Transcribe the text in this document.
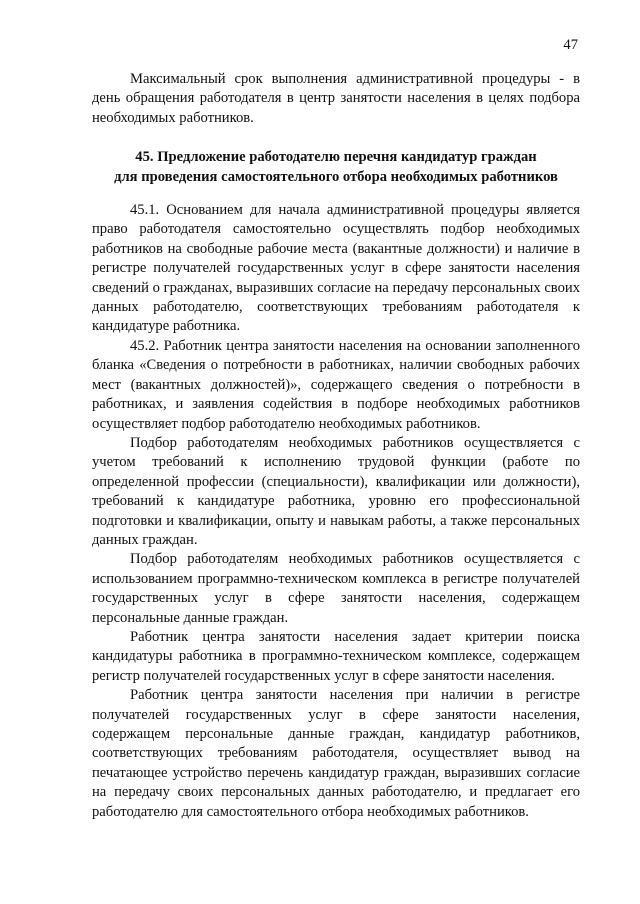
47

Максимальный срок выполнения административной процедуры - в день обращения работодателя в центр занятости населения в целях подбора необходимых работников.

45. Предложение работодателю перечня кандидатур граждан
для проведения самостоятельного отбора необходимых работников

45.1. Основанием для начала административной процедуры является право работодателя самостоятельно осуществлять подбор необходимых работников на свободные рабочие места (вакантные должности) и наличие в регистре получателей государственных услуг в сфере занятости населения сведений о гражданах, выразивших согласие на передачу персональных своих данных работодателю, соответствующих требованиям работодателя к кандидатуре работника.

45.2. Работник центра занятости населения на основании заполненного бланка «Сведения о потребности в работниках, наличии свободных рабочих мест (вакантных должностей)», содержащего сведения о потребности в работниках, и заявления содействия в подборе необходимых работников осуществляет подбор работодателю необходимых работников.

Подбор работодателям необходимых работников осуществляется с учетом требований к исполнению трудовой функции (работе по определенной профессии (специальности), квалификации или должности), требований к кандидатуре работника, уровню его профессиональной подготовки и квалификации, опыту и навыкам работы, а также персональных данных граждан.

Подбор работодателям необходимых работников осуществляется с использованием программно-техническом комплекса в регистре получателей государственных услуг в сфере занятости населения, содержащем персональные данные граждан.

Работник центра занятости населения задает критерии поиска кандидатуры работника в программно-техническом комплексе, содержащем регистр получателей государственных услуг в сфере занятости населения.

Работник центра занятости населения при наличии в регистре получателей государственных услуг в сфере занятости населения, содержащем персональные данные граждан, кандидатур работников, соответствующих требованиям работодателя, осуществляет вывод на печатающее устройство перечень кандидатур граждан, выразивших согласие на передачу своих персональных данных работодателю, и предлагает его работодателю для самостоятельного отбора необходимых работников.
